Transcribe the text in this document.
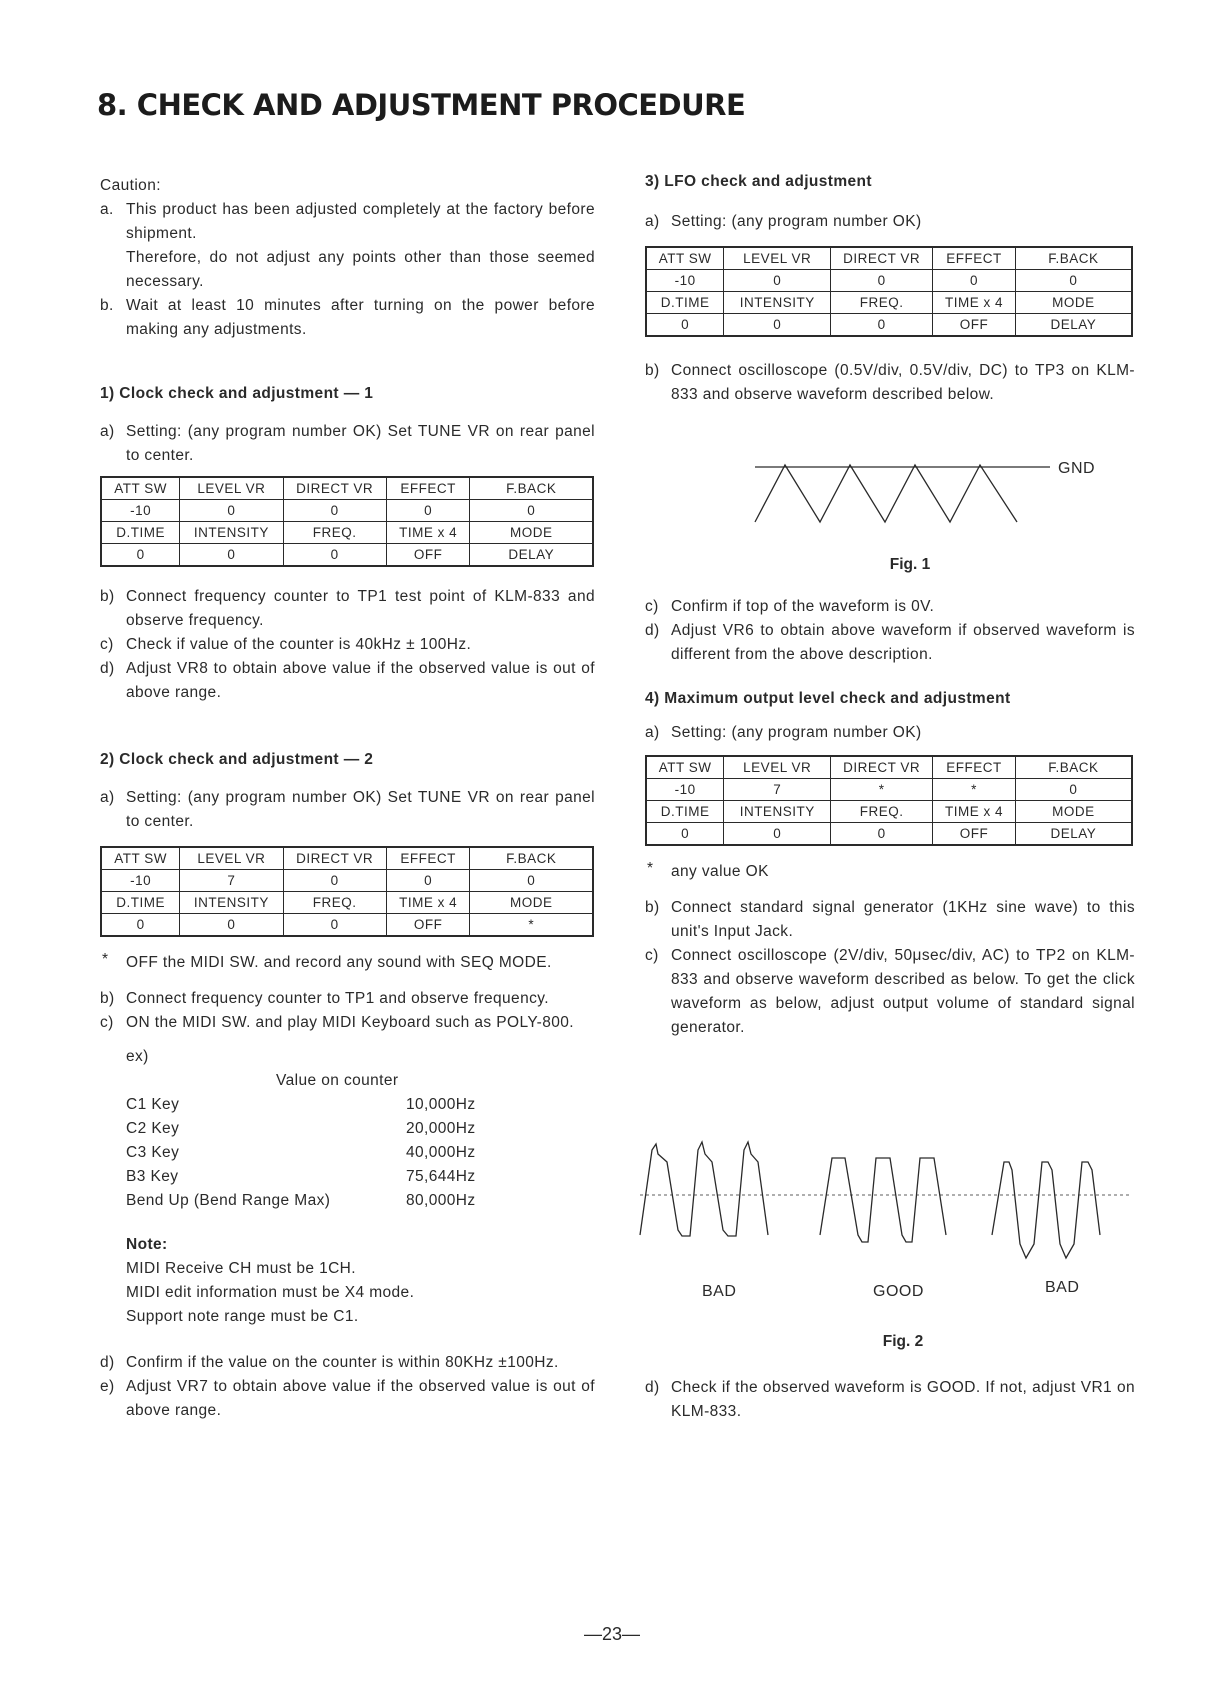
8. CHECK AND ADJUSTMENT PROCEDURE

Caution:

a. This product has been adjusted completely at the factory before shipment.
Therefore, do not adjust any points other than those seemed necessary.
b. Wait at least 10 minutes after turning on the power before making any adjustments.

1) Clock check and adjustment — 1

a) Setting: (any program number OK) Set TUNE VR on rear panel to center.
ATT SW	LEVEL VR	DIRECT VR	EFFECT	F.BACK
-10	0	0	0	0
D.TIME	INTENSITY	FREQ.	TIME x 4	MODE
0	0	0	OFF	DELAY
b) Connect frequency counter to TP1 test point of KLM-833 and observe frequency.
c) Check if value of the counter is 40kHz ± 100Hz.
d) Adjust VR8 to obtain above value if the observed value is out of above range.

2) Clock check and adjustment — 2

a) Setting: (any program number OK) Set TUNE VR on rear panel to center.
ATT SW	LEVEL VR	DIRECT VR	EFFECT	F.BACK
-10	7	0	0	0
D.TIME	INTENSITY	FREQ.	TIME x 4	MODE
0	0	0	OFF	*
* OFF the MIDI SW. and record any sound with SEQ MODE.
b) Connect frequency counter to TP1 and observe frequency.
c) ON the MIDI SW. and play MIDI Keyboard such as POLY-800.
ex)
Value on counter	
C1 Key	10,000Hz
C2 Key	20,000Hz
C3 Key	40,000Hz
B3 Key	75,644Hz
Bend Up (Bend Range Max)	80,000Hz
Note:
MIDI Receive CH must be 1CH.
MIDI edit information must be X4 mode.
Support note range must be C1.
d) Confirm if the value on the counter is within 80KHz ±100Hz.
e) Adjust VR7 to obtain above value if the observed value is out of above range.

3) LFO check and adjustment

a) Setting: (any program number OK)
ATT SW	LEVEL VR	DIRECT VR	EFFECT	F.BACK
-10	0	0	0	0
D.TIME	INTENSITY	FREQ.	TIME x 4	MODE
0	0	0	OFF	DELAY
b) Connect oscilloscope (0.5V/div, 0.5V/div, DC) to TP3 on KLM-833 and observe waveform described below.
c) Confirm if top of the waveform is 0V.
d) Adjust VR6 to obtain above waveform if observed waveform is different from the above description.

4) Maximum output level check and adjustment

a) Setting: (any program number OK)
ATT SW	LEVEL VR	DIRECT VR	EFFECT	F.BACK
-10	7	*	*	0
D.TIME	INTENSITY	FREQ.	TIME x 4	MODE
0	0	0	OFF	DELAY
* any value OK
b) Connect standard signal generator (1KHz sine wave) to this unit's Input Jack.
c) Connect oscilloscope (2V/div, 50μsec/div, AC) to TP2 on KLM-833 and observe waveform described as below. To get the click waveform as below, adjust output volume of standard signal generator.
GND
Fig. 1
BAD	GOOD	BAD
Fig. 2
d) Check if the observed waveform is GOOD. If not, adjust VR1 on KLM-833.
—23—
